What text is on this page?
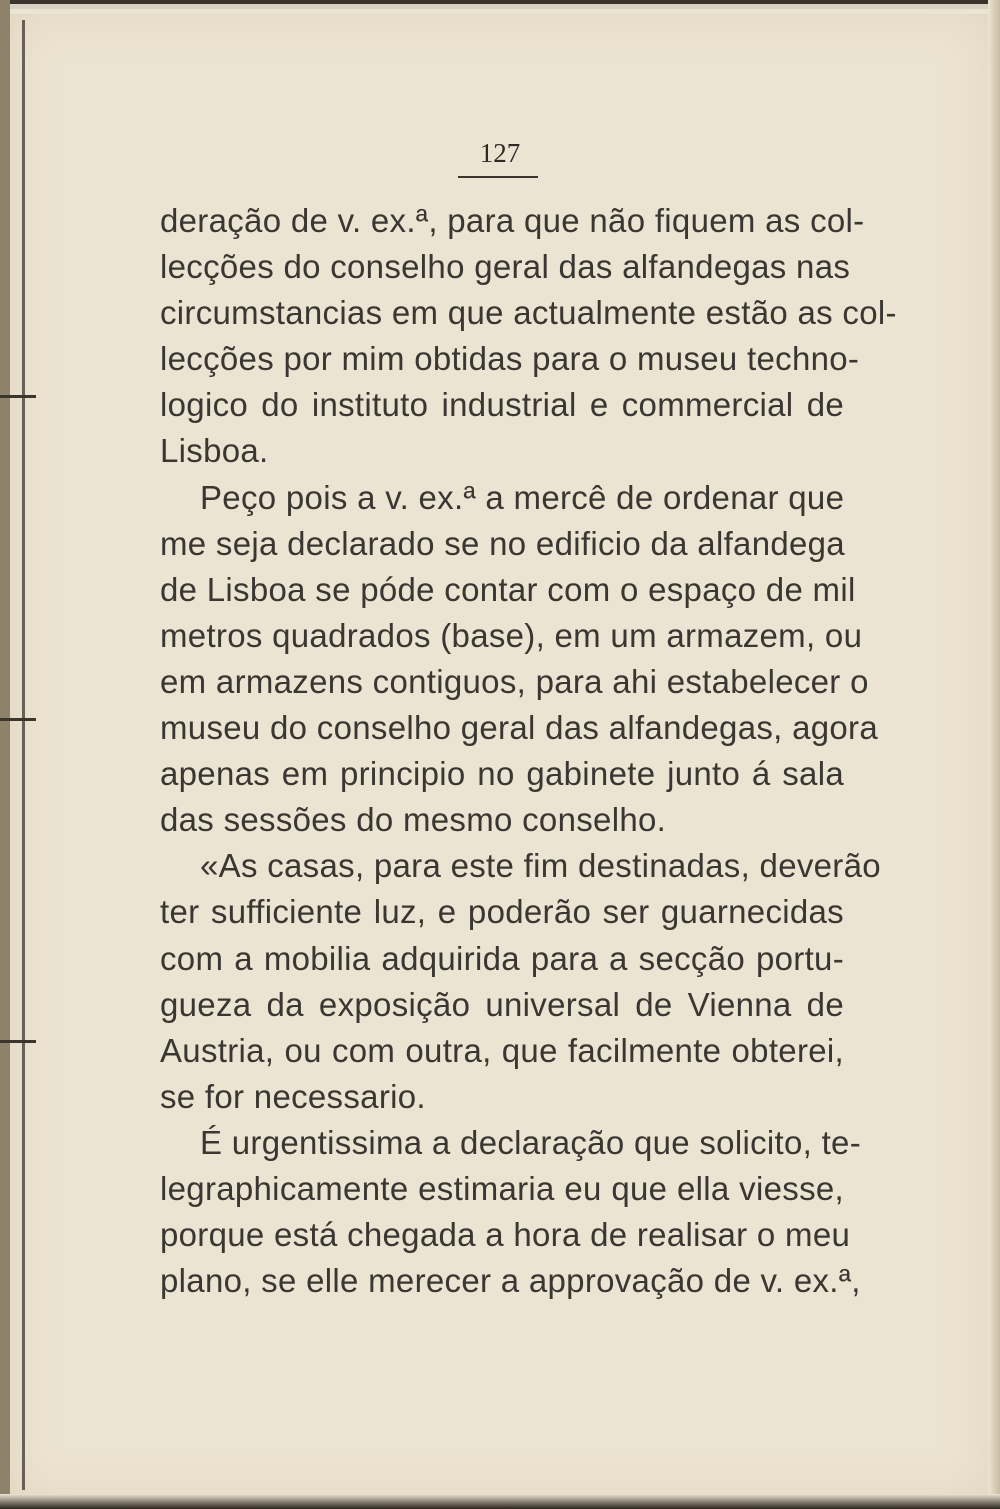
127

deração de v. ex.ª, para que não fiquem as col-
lecções do conselho geral das alfandegas nas
circumstancias em que actualmente estão as col-
lecções por mim obtidas para o museu techno-
logico do instituto industrial e commercial de
Lisboa.
Peço pois a v. ex.ª a mercê de ordenar que
me seja declarado se no edificio da alfandega
de Lisboa se póde contar com o espaço de mil
metros quadrados (base), em um armazem, ou
em armazens contiguos, para ahi estabelecer o
museu do conselho geral das alfandegas, agora
apenas em principio no gabinete junto á sala
das sessões do mesmo conselho.
«As casas, para este fim destinadas, deverão
ter sufficiente luz, e poderão ser guarnecidas
com a mobilia adquirida para a secção portu-
gueza da exposição universal de Vienna de
Austria, ou com outra, que facilmente obterei,
se for necessario.
É urgentissima a declaração que solicito, te-
legraphicamente estimaria eu que ella viesse,
porque está chegada a hora de realisar o meu
plano, se elle merecer a approvação de v. ex.ª,
